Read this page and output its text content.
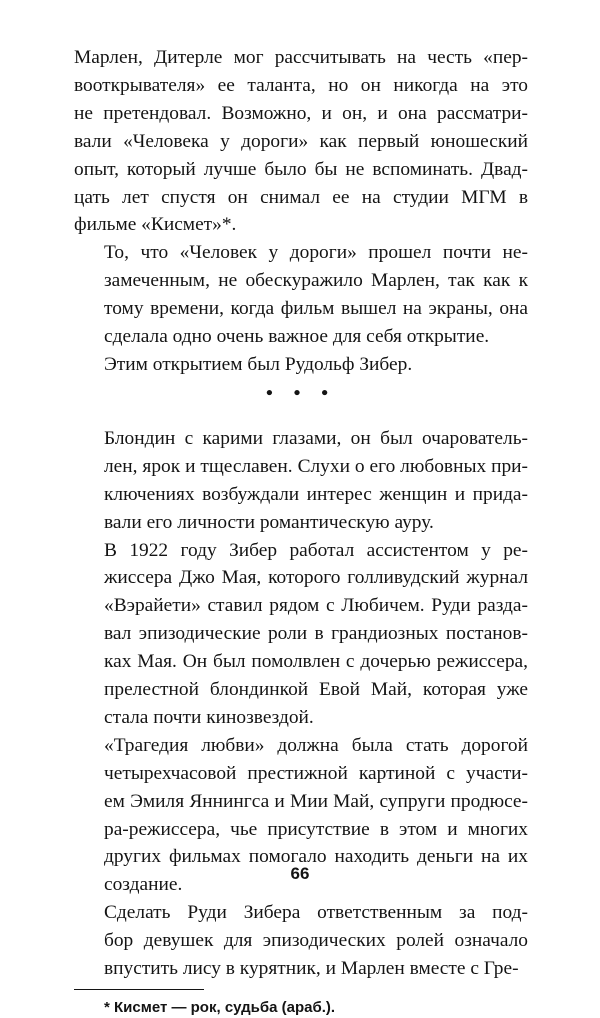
Марлен, Дитерле мог рассчитывать на честь «пер-
вооткрывателя» ее таланта, но он никогда на это
не претендовал. Возможно, и он, и она рассматри-
вали «Человека у дороги» как первый юношеский
опыт, который лучше было бы не вспоминать. Двад-
цать лет спустя он снимал ее на студии МГМ в
фильме «Кисмет»*.

То, что «Человек у дороги» прошел почти не-
замеченным, не обескуражило Марлен, так как к
тому времени, когда фильм вышел на экраны, она
сделала одно очень важное для себя открытие.

Этим открытием был Рудольф Зибер.

• • •

Блондин с карими глазами, он был очарователь-
лен, ярок и тщеславен. Слухи о его любовных при-
ключениях возбуждали интерес женщин и прида-
вали его личности романтическую ауру.

В 1922 году Зибер работал ассистентом у ре-
жиссера Джо Мая, которого голливудский журнал
«Вэрайети» ставил рядом с Любичем. Руди разда-
вал эпизодические роли в грандиозных постанов-
ках Мая. Он был помолвлен с дочерью режиссера,
прелестной блондинкой Евой Май, которая уже
стала почти кинозвездой.

«Трагедия любви» должна была стать дорогой
четырехчасовой престижной картиной с участи-
ем Эмиля Яннингса и Мии Май, супруги продюсе-
ра-режиссера, чье присутствие в этом и многих
других фильмах помогало находить деньги на их
создание.

Сделать Руди Зибера ответственным за под-
бор девушек для эпизодических ролей означало
впустить лису в курятник, и Марлен вместе с Гре-

* Кисмет — рок, судьба (араб.).
66
